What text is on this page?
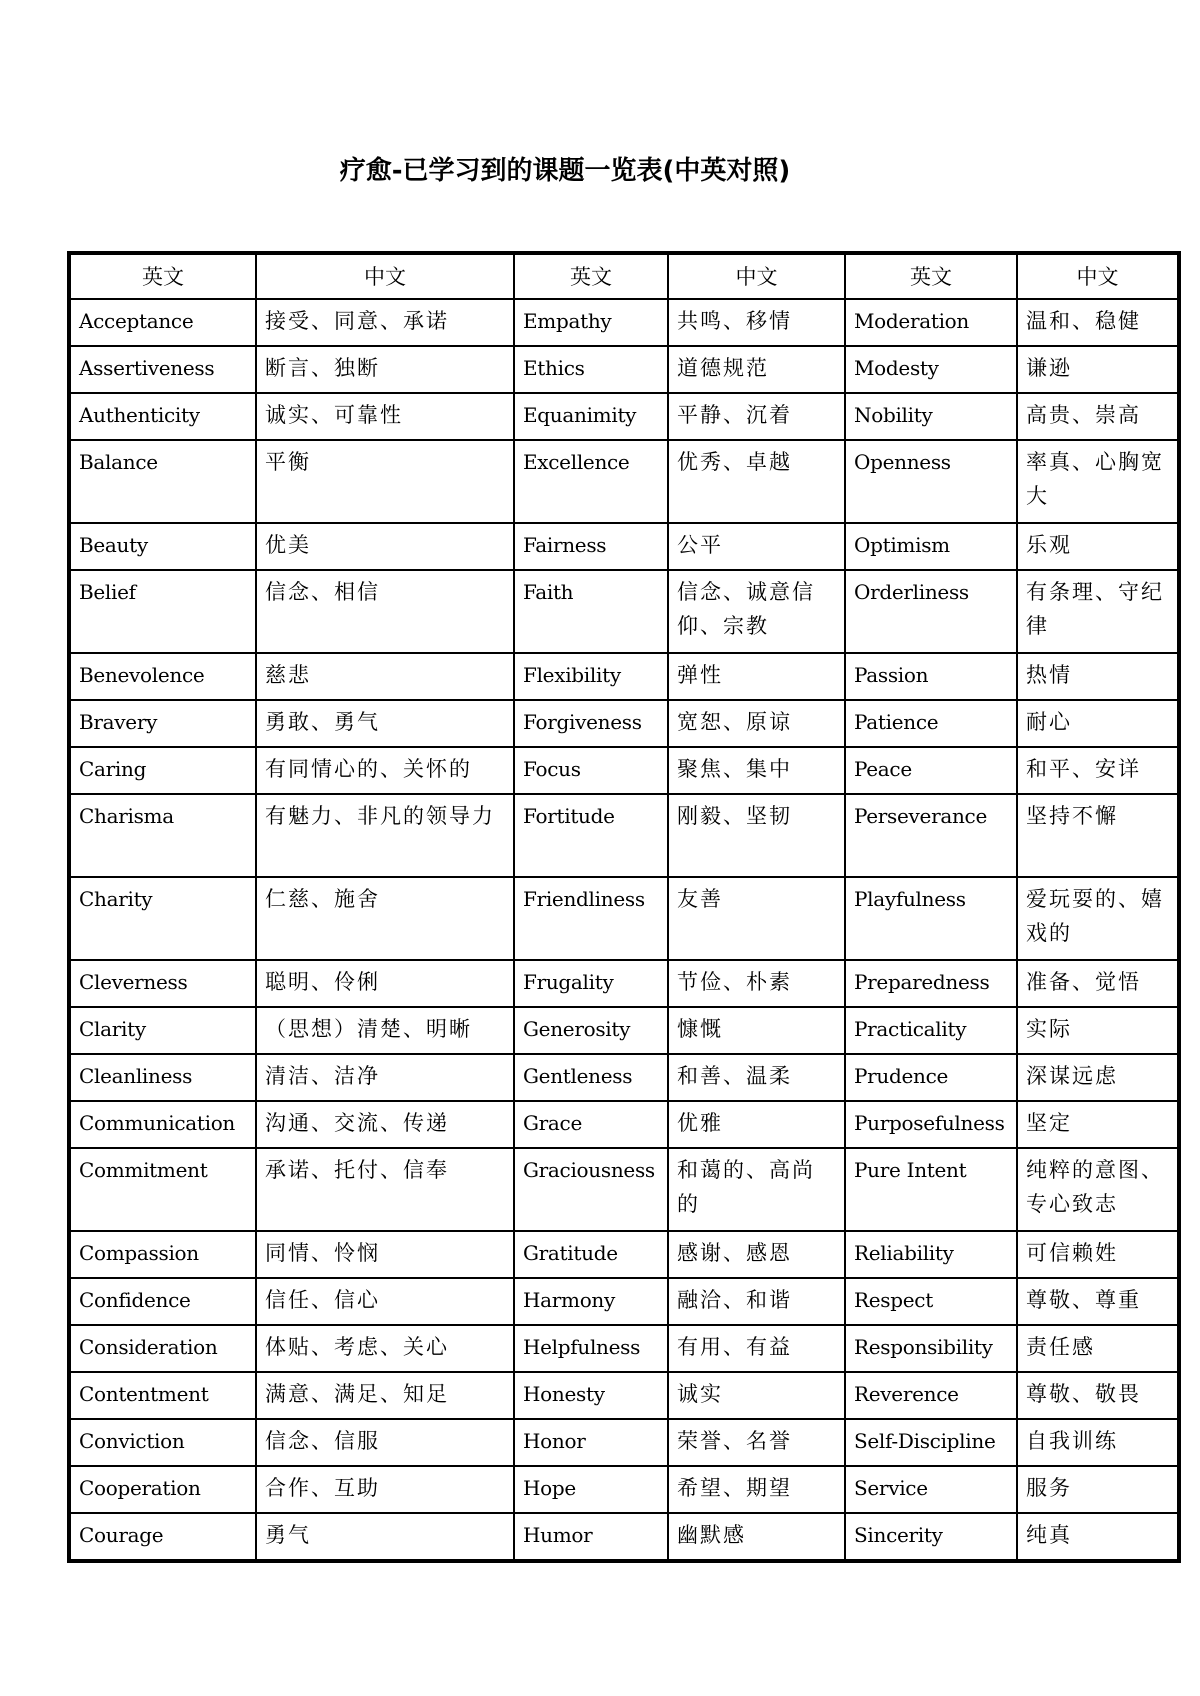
疗愈-已学习到的课题一览表(中英对照)
英文	中文	英文	中文	英文	中文
Acceptance	接受、同意、承诺	Empathy	共鸣、移情	Moderation	温和、稳健
Assertiveness	断言、独断	Ethics	道德规范	Modesty	谦逊
Authenticity	诚实、可靠性	Equanimity	平静、沉着	Nobility	高贵、崇高
Balance	平衡	Excellence	优秀、卓越	Openness	率真、心胸宽大
Beauty	优美	Fairness	公平	Optimism	乐观
Belief	信念、相信	Faith	信念、诚意信仰、宗教	Orderliness	有条理、守纪律
Benevolence	慈悲	Flexibility	弹性	Passion	热情
Bravery	勇敢、勇气	Forgiveness	宽恕、原谅	Patience	耐心
Caring	有同情心的、关怀的	Focus	聚焦、集中	Peace	和平、安详
Charisma	有魅力、非凡的领导力	Fortitude	刚毅、坚韧	Perseverance	坚持不懈
Charity	仁慈、施舍	Friendliness	友善	Playfulness	爱玩耍的、嬉戏的
Cleverness	聪明、伶俐	Frugality	节俭、朴素	Preparedness	准备、觉悟
Clarity	（思想）清楚、明晰	Generosity	慷慨	Practicality	实际
Cleanliness	清洁、洁净	Gentleness	和善、温柔	Prudence	深谋远虑
Communication	沟通、交流、传递	Grace	优雅	Purposefulness	坚定
Commitment	承诺、托付、信奉	Graciousness	和蔼的、高尚的	Pure Intent	纯粹的意图、专心致志
Compassion	同情、怜悯	Gratitude	感谢、感恩	Reliability	可信赖姓
Confidence	信任、信心	Harmony	融洽、和谐	Respect	尊敬、尊重
Consideration	体贴、考虑、关心	Helpfulness	有用、有益	Responsibility	责任感
Contentment	满意、满足、知足	Honesty	诚实	Reverence	尊敬、敬畏
Conviction	信念、信服	Honor	荣誉、名誉	Self-Discipline	自我训练
Cooperation	合作、互助	Hope	希望、期望	Service	服务
Courage	勇气	Humor	幽默感	Sincerity	纯真
